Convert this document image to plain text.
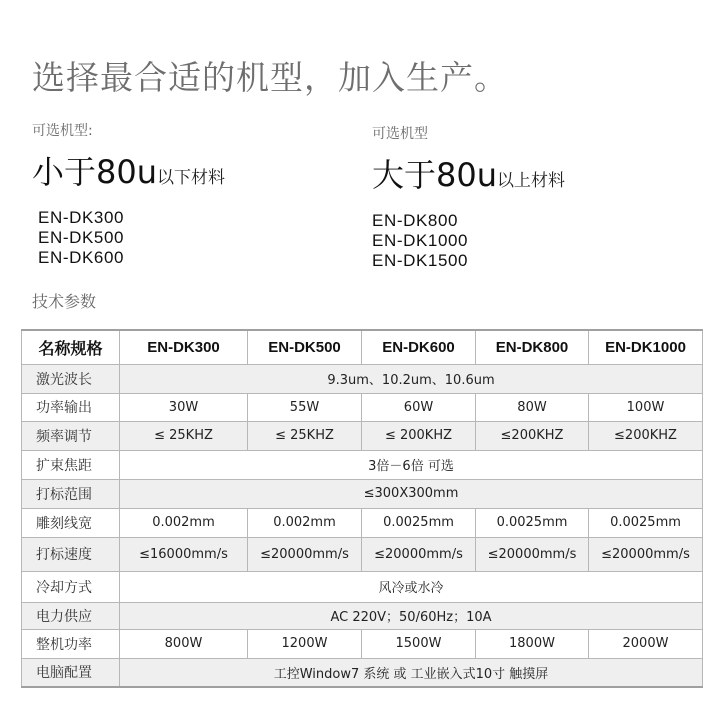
选择最合适的机型，加入生产。
可选机型:
小于80u以下材料
EN-DK300
EN-DK500
EN-DK600
可选机型
大于80u以上材料
EN-DK800
EN-DK1000
EN-DK1500
技术参数
名称规格	EN-DK300	EN-DK500	EN-DK600	EN-DK800	EN-DK1000
激光波长	9.3um、10.2um、10.6um				
功率输出	30W	55W	60W	80W	100W
频率调节	≤ 25KHZ	≤ 25KHZ	≤ 200KHZ	≤200KHZ	≤200KHZ
扩束焦距	3倍－6倍 可选				
打标范围	≤300X300mm				
雕刻线宽	0.002mm	0.002mm	0.0025mm	0.0025mm	0.0025mm
打标速度	≤16000mm/s	≤20000mm/s	≤20000mm/s	≤20000mm/s	≤20000mm/s
冷却方式	风冷或水冷				
电力供应	AC 220V；50/60Hz；10A				
整机功率	800W	1200W	1500W	1800W	2000W
电脑配置	工控Window7 系统 或 工业嵌入式10寸 触摸屏				
